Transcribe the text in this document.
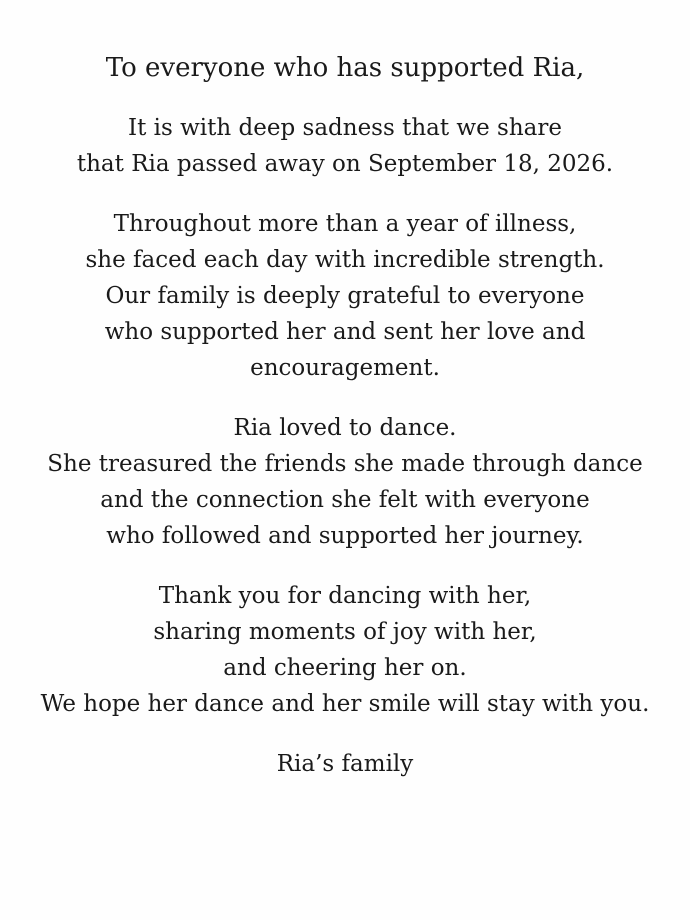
To everyone who has supported Ria,
It is with deep sadness that we share
that Ria passed away on September 18, 2026.
Throughout more than a year of illness,
she faced each day with incredible strength.
Our family is deeply grateful to everyone
who supported her and sent her love and
encouragement.
Ria loved to dance.
She treasured the friends she made through dance
and the connection she felt with everyone
who followed and supported her journey.
Thank you for dancing with her,
sharing moments of joy with her,
and cheering her on.
We hope her dance and her smile will stay with you.
Ria’s family
